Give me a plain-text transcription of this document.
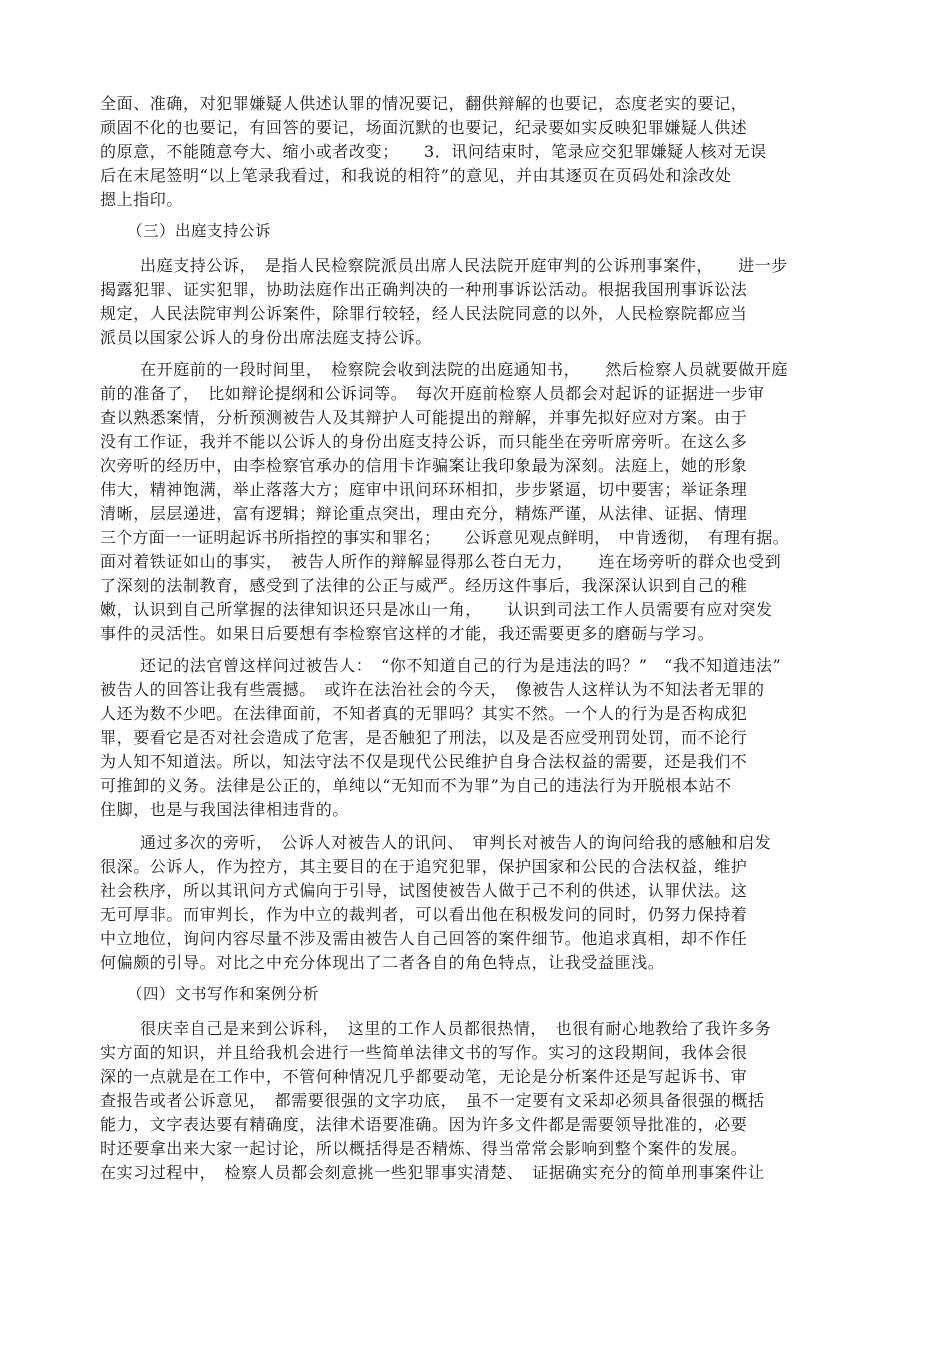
全面、准确，对犯罪嫌疑人供述认罪的情况要记，翻供辩解的也要记，态度老实的要记，
顽固不化的也要记，有回答的要记，场面沉默的也要记，纪录要如实反映犯罪嫌疑人供述
的原意，不能随意夸大、缩小或者改变；　　3．讯问结束时，笔录应交犯罪嫌疑人核对无误
后在末尾签明“以上笔录我看过，和我说的相符”的意见，并由其逐页在页码处和涂改处
摁上指印。
（三）出庭支持公诉
出庭支持公诉，　是指人民检察院派员出席人民法院开庭审判的公诉刑事案件，　　进一步
揭露犯罪、证实犯罪，协助法庭作出正确判决的一种刑事诉讼活动。根据我国刑事诉讼法
规定，人民法院审判公诉案件，除罪行较轻，经人民法院同意的以外，人民检察院都应当
派员以国家公诉人的身份出席法庭支持公诉。
在开庭前的一段时间里，　检察院会收到法院的出庭通知书，　　然后检察人员就要做开庭
前的准备了，　比如辩论提纲和公诉词等。　每次开庭前检察人员都会对起诉的证据进一步审
查以熟悉案情，分析预测被告人及其辩护人可能提出的辩解，并事先拟好应对方案。由于
没有工作证，我并不能以公诉人的身份出庭支持公诉，而只能坐在旁听席旁听。在这么多
次旁听的经历中，由李检察官承办的信用卡诈骗案让我印象最为深刻。法庭上，她的形象
伟大，精神饱满，举止落落大方；庭审中讯问环环相扣，步步紧逼，切中要害；举证条理
清晰，层层递进，富有逻辑；辩论重点突出，理由充分，精炼严谨，从法律、证据、情理
三个方面一一证明起诉书所指控的事实和罪名；　　公诉意见观点鲜明，　中肯透彻，　有理有据。
面对着铁证如山的事实，　被告人所作的辩解显得那么苍白无力，　　连在场旁听的群众也受到
了深刻的法制教育，感受到了法律的公正与威严。经历这件事后，我深深认识到自己的稚
嫩，认识到自己所掌握的法律知识还只是冰山一角，　　认识到司法工作人员需要有应对突发
事件的灵活性。如果日后要想有李检察官这样的才能，我还需要更多的磨砺与学习。
还记的法官曾这样问过被告人：　“你不知道自己的行为是违法的吗？”　“我不知道违法”
被告人的回答让我有些震撼。　或许在法治社会的今天，　像被告人这样认为不知法者无罪的
人还为数不少吧。在法律面前，不知者真的无罪吗？其实不然。一个人的行为是否构成犯
罪，要看它是否对社会造成了危害，是否触犯了刑法，以及是否应受刑罚处罚，而不论行
为人知不知道法。所以，知法守法不仅是现代公民维护自身合法权益的需要，还是我们不
可推卸的义务。法律是公正的，单纯以“无知而不为罪”为自己的违法行为开脱根本站不
住脚，也是与我国法律相违背的。
通过多次的旁听，　公诉人对被告人的讯问、　审判长对被告人的询问给我的感触和启发
很深。公诉人，作为控方，其主要目的在于追究犯罪，保护国家和公民的合法权益，维护
社会秩序，所以其讯问方式偏向于引导，试图使被告人做于己不利的供述，认罪伏法。这
无可厚非。而审判长，作为中立的裁判者，可以看出他在积极发问的同时，仍努力保持着
中立地位，询问内容尽量不涉及需由被告人自己回答的案件细节。他追求真相，却不作任
何偏颇的引导。对比之中充分体现出了二者各自的角色特点，让我受益匪浅。
（四）文书写作和案例分析
很庆幸自己是来到公诉科，　这里的工作人员都很热情，　也很有耐心地教给了我许多务
实方面的知识，并且给我机会进行一些简单法律文书的写作。实习的这段期间，我体会很
深的一点就是在工作中，不管何种情况几乎都要动笔，无论是分析案件还是写起诉书、审
查报告或者公诉意见，　都需要很强的文字功底，　虽不一定要有文采却必须具备很强的概括
能力，文字表达要有精确度，法律术语要准确。因为许多文件都是需要领导批准的，必要
时还要拿出来大家一起讨论，所以概括得是否精炼、得当常常会影响到整个案件的发展。
在实习过程中，　检察人员都会刻意挑一些犯罪事实清楚、　证据确实充分的简单刑事案件让
